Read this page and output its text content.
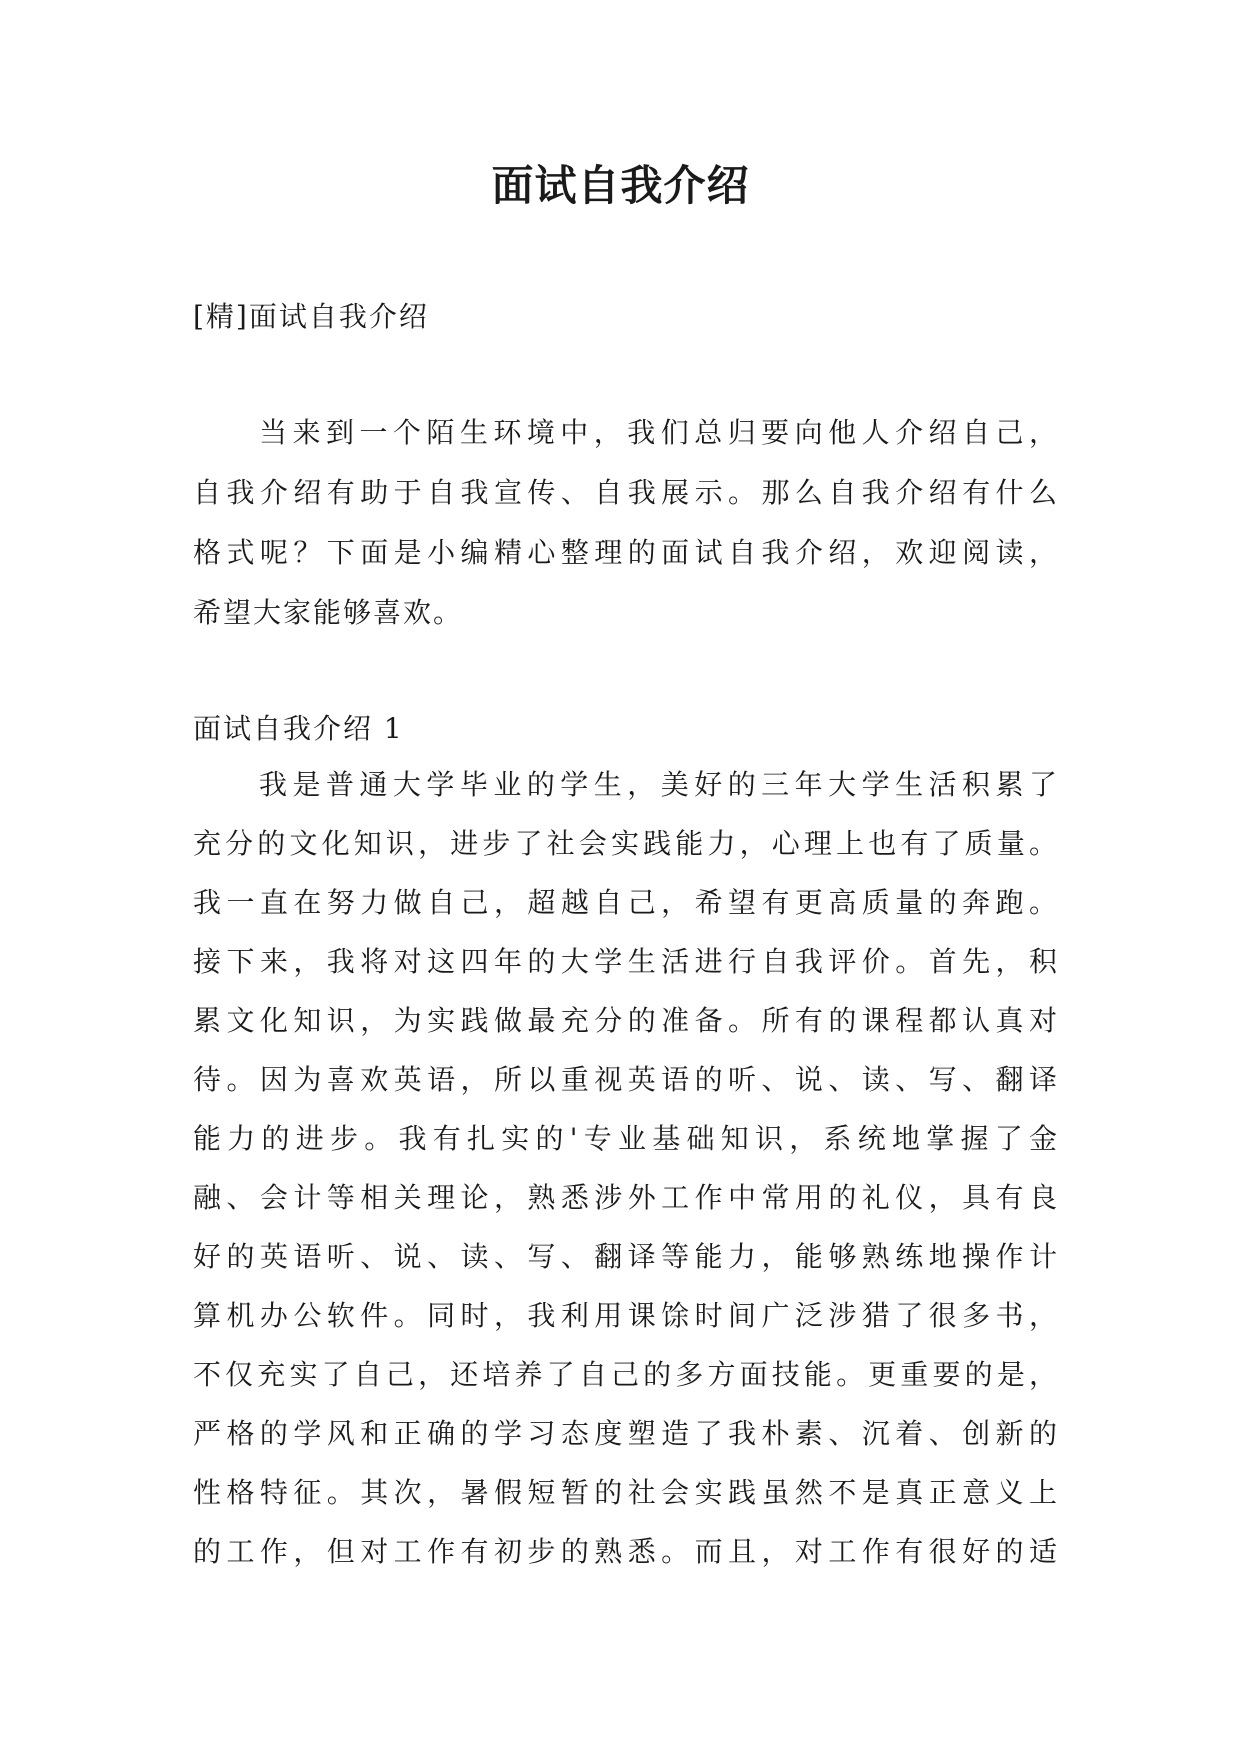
面试自我介绍
[精]面试自我介绍
当来到一个陌生环境中，我们总归要向他人介绍自己，
自我介绍有助于自我宣传、自我展示。那么自我介绍有什么
格式呢？下面是小编精心整理的面试自我介绍，欢迎阅读，
希望大家能够喜欢。
面试自我介绍 1
我是普通大学毕业的学生，美好的三年大学生活积累了
充分的文化知识，进步了社会实践能力，心理上也有了质量。
我一直在努力做自己，超越自己，希望有更高质量的奔跑。
接下来，我将对这四年的大学生活进行自我评价。首先，积
累文化知识，为实践做最充分的准备。所有的课程都认真对
待。因为喜欢英语，所以重视英语的听、说、读、写、翻译
能力的进步。我有扎实的'专业基础知识，系统地掌握了金
融、会计等相关理论，熟悉涉外工作中常用的礼仪，具有良
好的英语听、说、读、写、翻译等能力，能够熟练地操作计
算机办公软件。同时，我利用课馀时间广泛涉猎了很多书，
不仅充实了自己，还培养了自己的多方面技能。更重要的是，
严格的学风和正确的学习态度塑造了我朴素、沉着、创新的
性格特征。其次，暑假短暂的社会实践虽然不是真正意义上
的工作，但对工作有初步的熟悉。而且，对工作有很好的适
